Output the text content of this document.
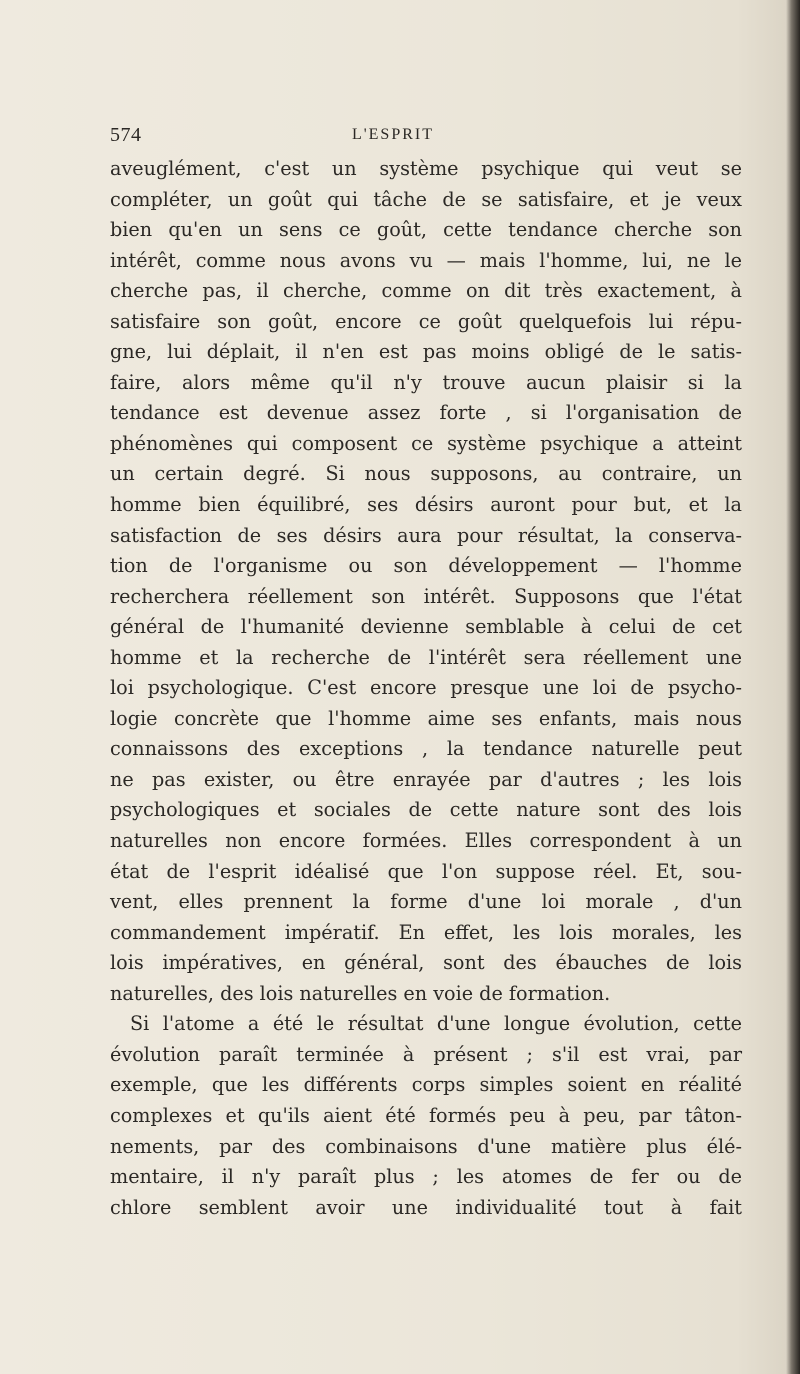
574	L'ESPRIT
aveuglément, c'est un système psychique qui veut se
compléter, un goût qui tâche de se satisfaire, et je veux
bien qu'en un sens ce goût, cette tendance cherche son
intérêt, comme nous avons vu — mais l'homme, lui, ne le
cherche pas, il cherche, comme on dit très exactement, à
satisfaire son goût, encore ce goût quelquefois lui répu-
gne, lui déplait, il n'en est pas moins obligé de le satis-
faire, alors même qu'il n'y trouve aucun plaisir si la
tendance est devenue assez forte , si l'organisation de
phénomènes qui composent ce système psychique a atteint
un certain degré. Si nous supposons, au contraire, un
homme bien équilibré, ses désirs auront pour but, et la
satisfaction de ses désirs aura pour résultat, la conserva-
tion de l'organisme ou son développement — l'homme
recherchera réellement son intérêt. Supposons que l'état
général de l'humanité devienne semblable à celui de cet
homme et la recherche de l'intérêt sera réellement une
loi psychologique. C'est encore presque une loi de psycho-
logie concrète que l'homme aime ses enfants, mais nous
connaissons des exceptions , la tendance naturelle peut
ne pas exister, ou être enrayée par d'autres ; les lois
psychologiques et sociales de cette nature sont des lois
naturelles non encore formées. Elles correspondent à un
état de l'esprit idéalisé que l'on suppose réel. Et, sou-
vent, elles prennent la forme d'une loi morale , d'un
commandement impératif. En effet, les lois morales, les
lois impératives, en général, sont des ébauches de lois
naturelles, des lois naturelles en voie de formation.
Si l'atome a été le résultat d'une longue évolution, cette
évolution paraît terminée à présent ; s'il est vrai, par
exemple, que les différents corps simples soient en réalité
complexes et qu'ils aient été formés peu à peu, par tâton-
nements, par des combinaisons d'une matière plus élé-
mentaire, il n'y paraît plus ; les atomes de fer ou de
chlore semblent avoir une individualité tout à fait
